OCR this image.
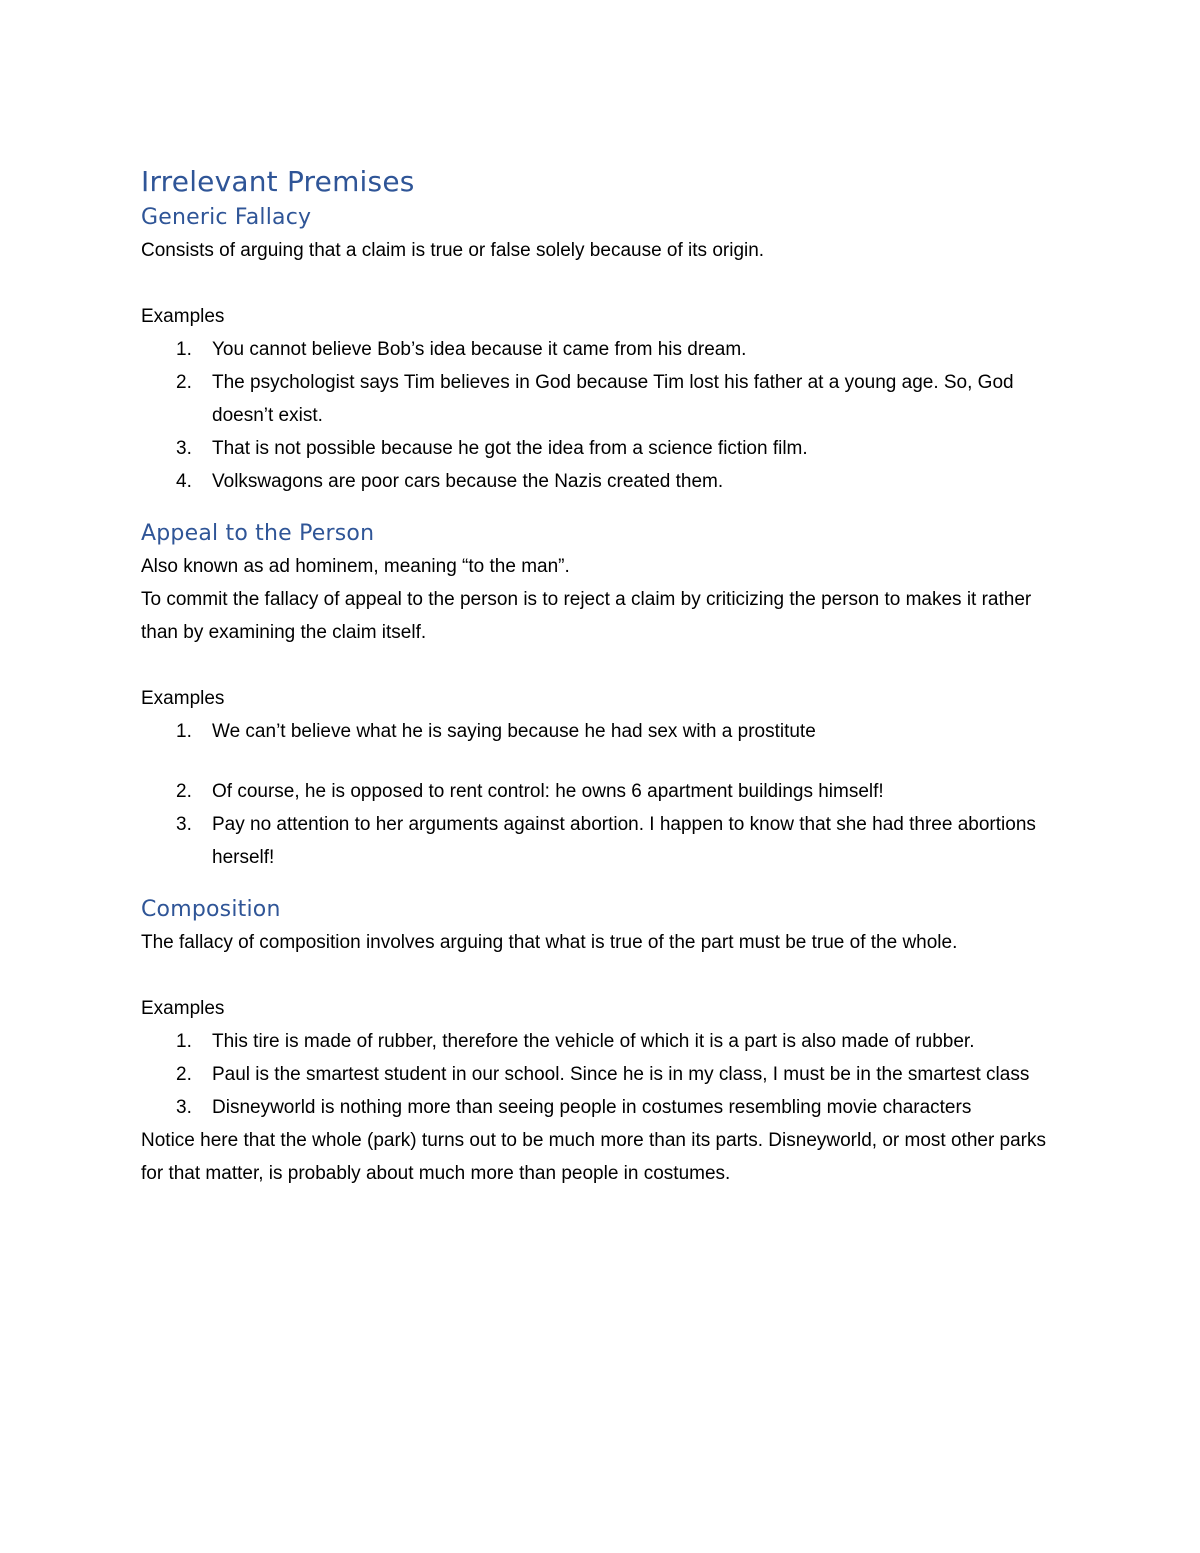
Irrelevant Premises
Generic Fallacy

Consists of arguing that a claim is true or false solely because of its origin.

Examples

1. You cannot believe Bob’s idea because it came from his dream.
2. The psychologist says Tim believes in God because Tim lost his father at a young age. So, God doesn’t exist.
3. That is not possible because he got the idea from a science fiction film.
4. Volkswagons are poor cars because the Nazis created them.
Appeal to the Person

Also known as ad hominem, meaning “to the man”.

To commit the fallacy of appeal to the person is to reject a claim by criticizing the person to makes it rather than by examining the claim itself.

Examples

1. We can’t believe what he is saying because he had sex with a prostitute
2. Of course, he is opposed to rent control: he owns 6 apartment buildings himself!
3. Pay no attention to her arguments against abortion. I happen to know that she had three abortions herself!
Composition

The fallacy of composition involves arguing that what is true of the part must be true of the whole.

Examples

1. This tire is made of rubber, therefore the vehicle of which it is a part is also made of rubber.
2. Paul is the smartest student in our school. Since he is in my class, I must be in the smartest class
3. Disneyworld is nothing more than seeing people in costumes resembling movie characters

Notice here that the whole (park) turns out to be much more than its parts. Disneyworld, or most other parks for that matter, is probably about much more than people in costumes.
